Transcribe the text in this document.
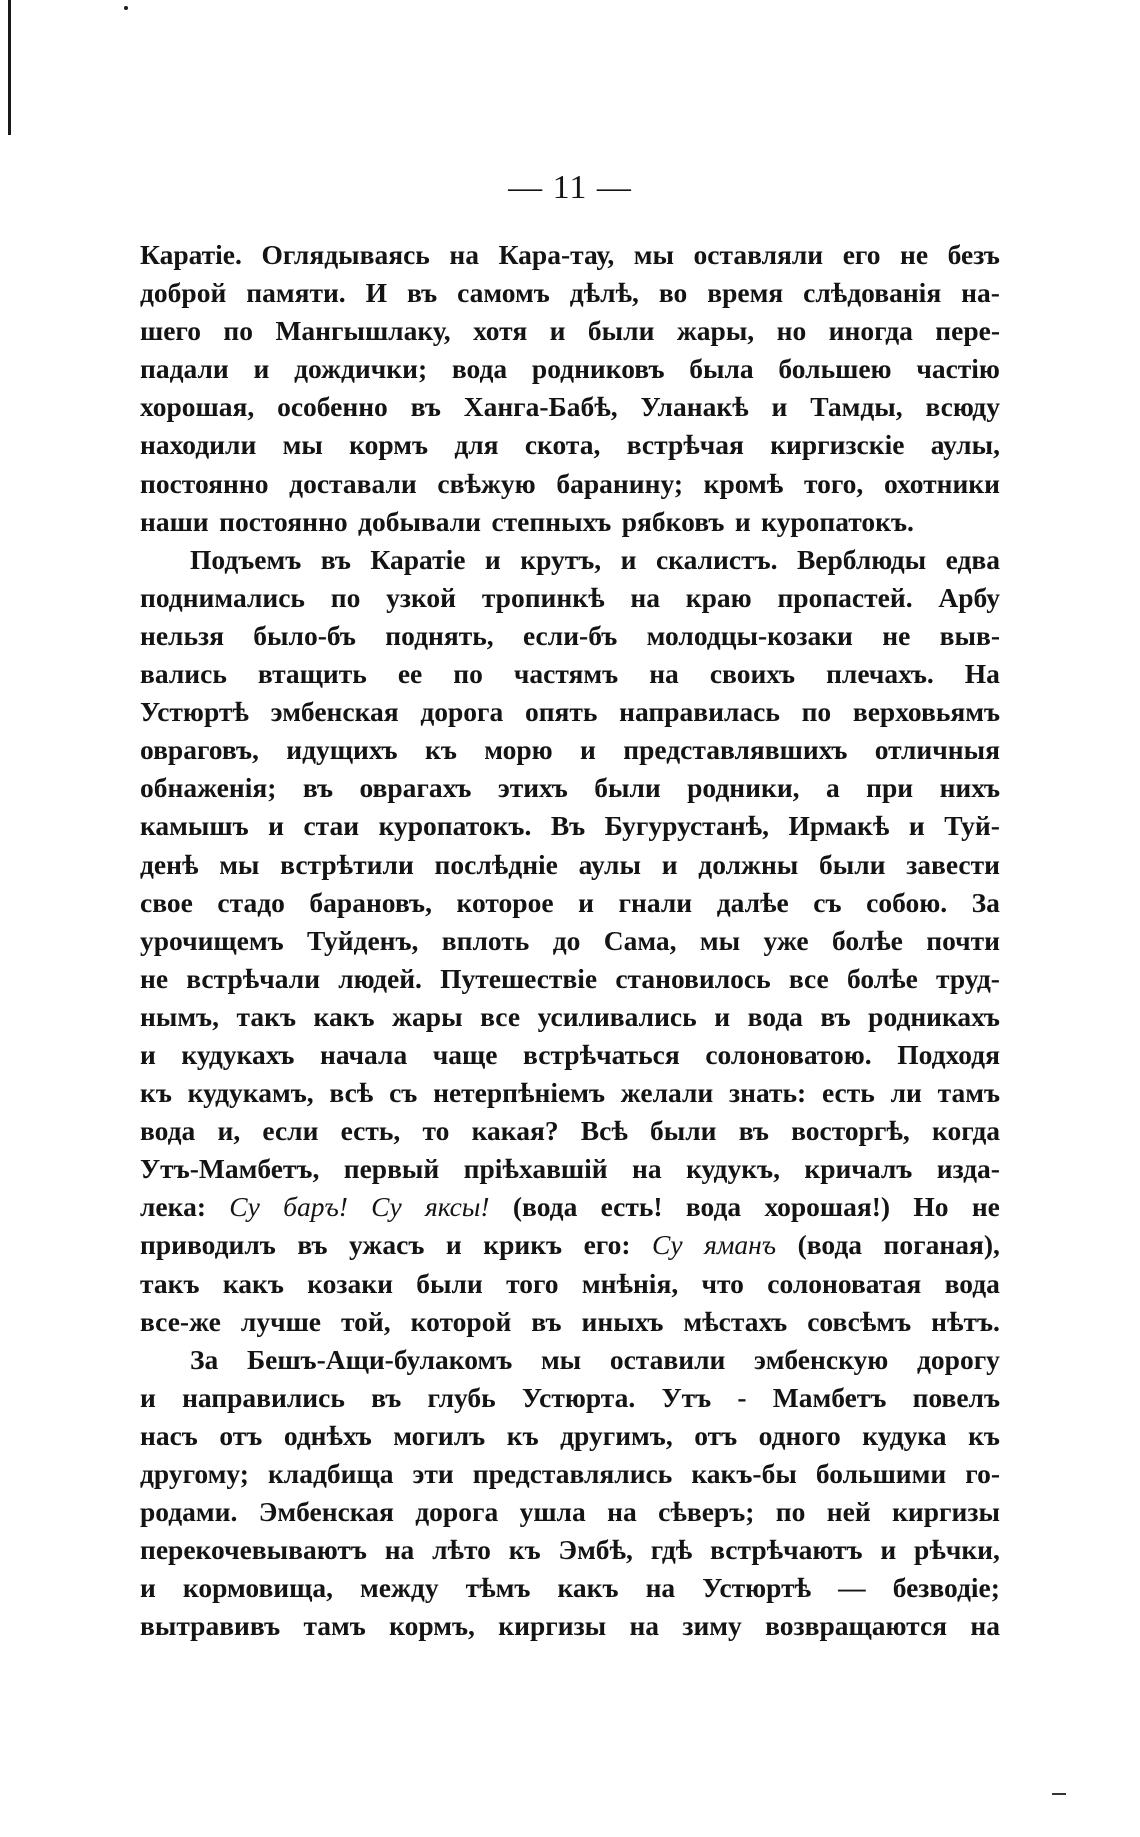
— 11 —
Каратіе. Оглядываясь на Кара-тау, мы оставляли его не безъ
доброй памяти. И въ самомъ дѣлѣ, во время слѣдованія на-
шего по Мангышлаку, хотя и были жары, но иногда пере-
падали и дождички; вода родниковъ была большею частію
хорошая, особенно въ Ханга-Бабѣ, Уланакѣ и Тамды, всюду
находили мы кормъ для скота, встрѣчая киргизскіе аулы,
постоянно доставали свѣжую баранину; кромѣ того, охотники
наши постоянно добывали степныхъ рябковъ и куропатокъ.
Подъемъ въ Каратіе и крутъ, и скалистъ. Верблюды едва
поднимались по узкой тропинкѣ на краю пропастей. Арбу
нельзя было-бъ поднять, если-бъ молодцы-козаки не выв-
вались втащить ее по частямъ на своихъ плечахъ. На
Устюртѣ эмбенская дорога опять направилась по верховьямъ
овраговъ, идущихъ къ морю и представлявшихъ отличныя
обнаженія; въ оврагахъ этихъ были родники, а при нихъ
камышъ и стаи куропатокъ. Въ Бугурустанѣ, Ирмакѣ и Туй-
денѣ мы встрѣтили послѣдніе аулы и должны были завести
свое стадо барановъ, которое и гнали далѣе съ собою. За
урочищемъ Туйденъ, вплоть до Сама, мы уже болѣе почти
не встрѣчали людей. Путешествіе становилось все болѣе труд-
нымъ, такъ какъ жары все усиливались и вода въ родникахъ
и кудукахъ начала чаще встрѣчаться солоноватою. Подходя
къ кудукамъ, всѣ съ нетерпѣніемъ желали знать: есть ли тамъ
вода и, если есть, то какая? Всѣ были въ восторгѣ, когда
Утъ-Мамбетъ, первый пріѣхавшій на кудукъ, кричалъ изда-
лека: Су баръ! Су яксы! (вода есть! вода хорошая!) Но не
приводилъ въ ужасъ и крикъ его: Су яманъ (вода поганая),
такъ какъ козаки были того мнѣнія, что солоноватая вода
все-же лучше той, которой въ иныхъ мѣстахъ совсѣмъ нѣтъ.
За Бешъ-Ащи-булакомъ мы оставили эмбенскую дорогу
и направились въ глубь Устюрта. Утъ - Мамбетъ повелъ
насъ отъ однѣхъ могилъ къ другимъ, отъ одного кудука къ
другому; кладбища эти представлялись какъ-бы большими го-
родами. Эмбенская дорога ушла на сѣверъ; по ней киргизы
перекочевываютъ на лѣто къ Эмбѣ, гдѣ встрѣчаютъ и рѣчки,
и кормовища, между тѣмъ какъ на Устюртѣ — безводіе;
вытравивъ тамъ кормъ, киргизы на зиму возвращаются на
